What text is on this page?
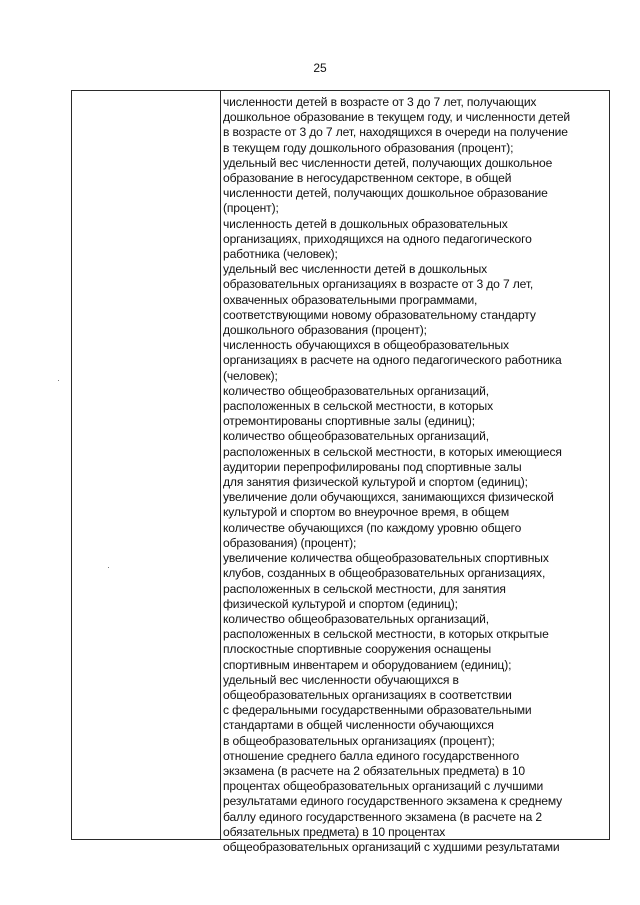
25
численности детей в возрасте от 3 до 7 лет, получающих
дошкольное образование в текущем году, и численности детей
в возрасте от 3 до 7 лет, находящихся в очереди на получение
в текущем году дошкольного образования (процент);
удельный вес численности детей, получающих дошкольное
образование в негосударственном секторе, в общей
численности детей, получающих дошкольное образование
(процент);
численность детей в дошкольных образовательных
организациях, приходящихся на одного педагогического
работника (человек);
удельный вес численности детей в дошкольных
образовательных организациях в возрасте от 3 до 7 лет,
охваченных образовательными программами,
соответствующими новому образовательному стандарту
дошкольного образования (процент);
численность обучающихся в общеобразовательных
организациях в расчете на одного педагогического работника
(человек);
количество общеобразовательных организаций,
расположенных в сельской местности, в которых
отремонтированы спортивные залы (единиц);
количество общеобразовательных организаций,
расположенных в сельской местности, в которых имеющиеся
аудитории перепрофилированы под спортивные залы
для занятия физической культурой и спортом (единиц);
увеличение доли обучающихся, занимающихся физической
культурой и спортом во внеурочное время, в общем
количестве обучающихся (по каждому уровню общего
образования) (процент);
увеличение количества общеобразовательных спортивных
клубов, созданных в общеобразовательных организациях,
расположенных в сельской местности, для занятия
физической культурой и спортом (единиц);
количество общеобразовательных организаций,
расположенных в сельской местности, в которых открытые
плоскостные спортивные сооружения оснащены
спортивным инвентарем и оборудованием (единиц);
удельный вес численности обучающихся в
общеобразовательных организациях в соответствии
с федеральными государственными образовательными
стандартами в общей численности обучающихся
в общеобразовательных организациях (процент);
отношение среднего балла единого государственного
экзамена (в расчете на 2 обязательных предмета) в 10
процентах общеобразовательных организаций с лучшими
результатами единого государственного экзамена к среднему
баллу единого государственного экзамена (в расчете на 2
обязательных предмета) в 10 процентах
общеобразовательных организаций с худшими результатами
